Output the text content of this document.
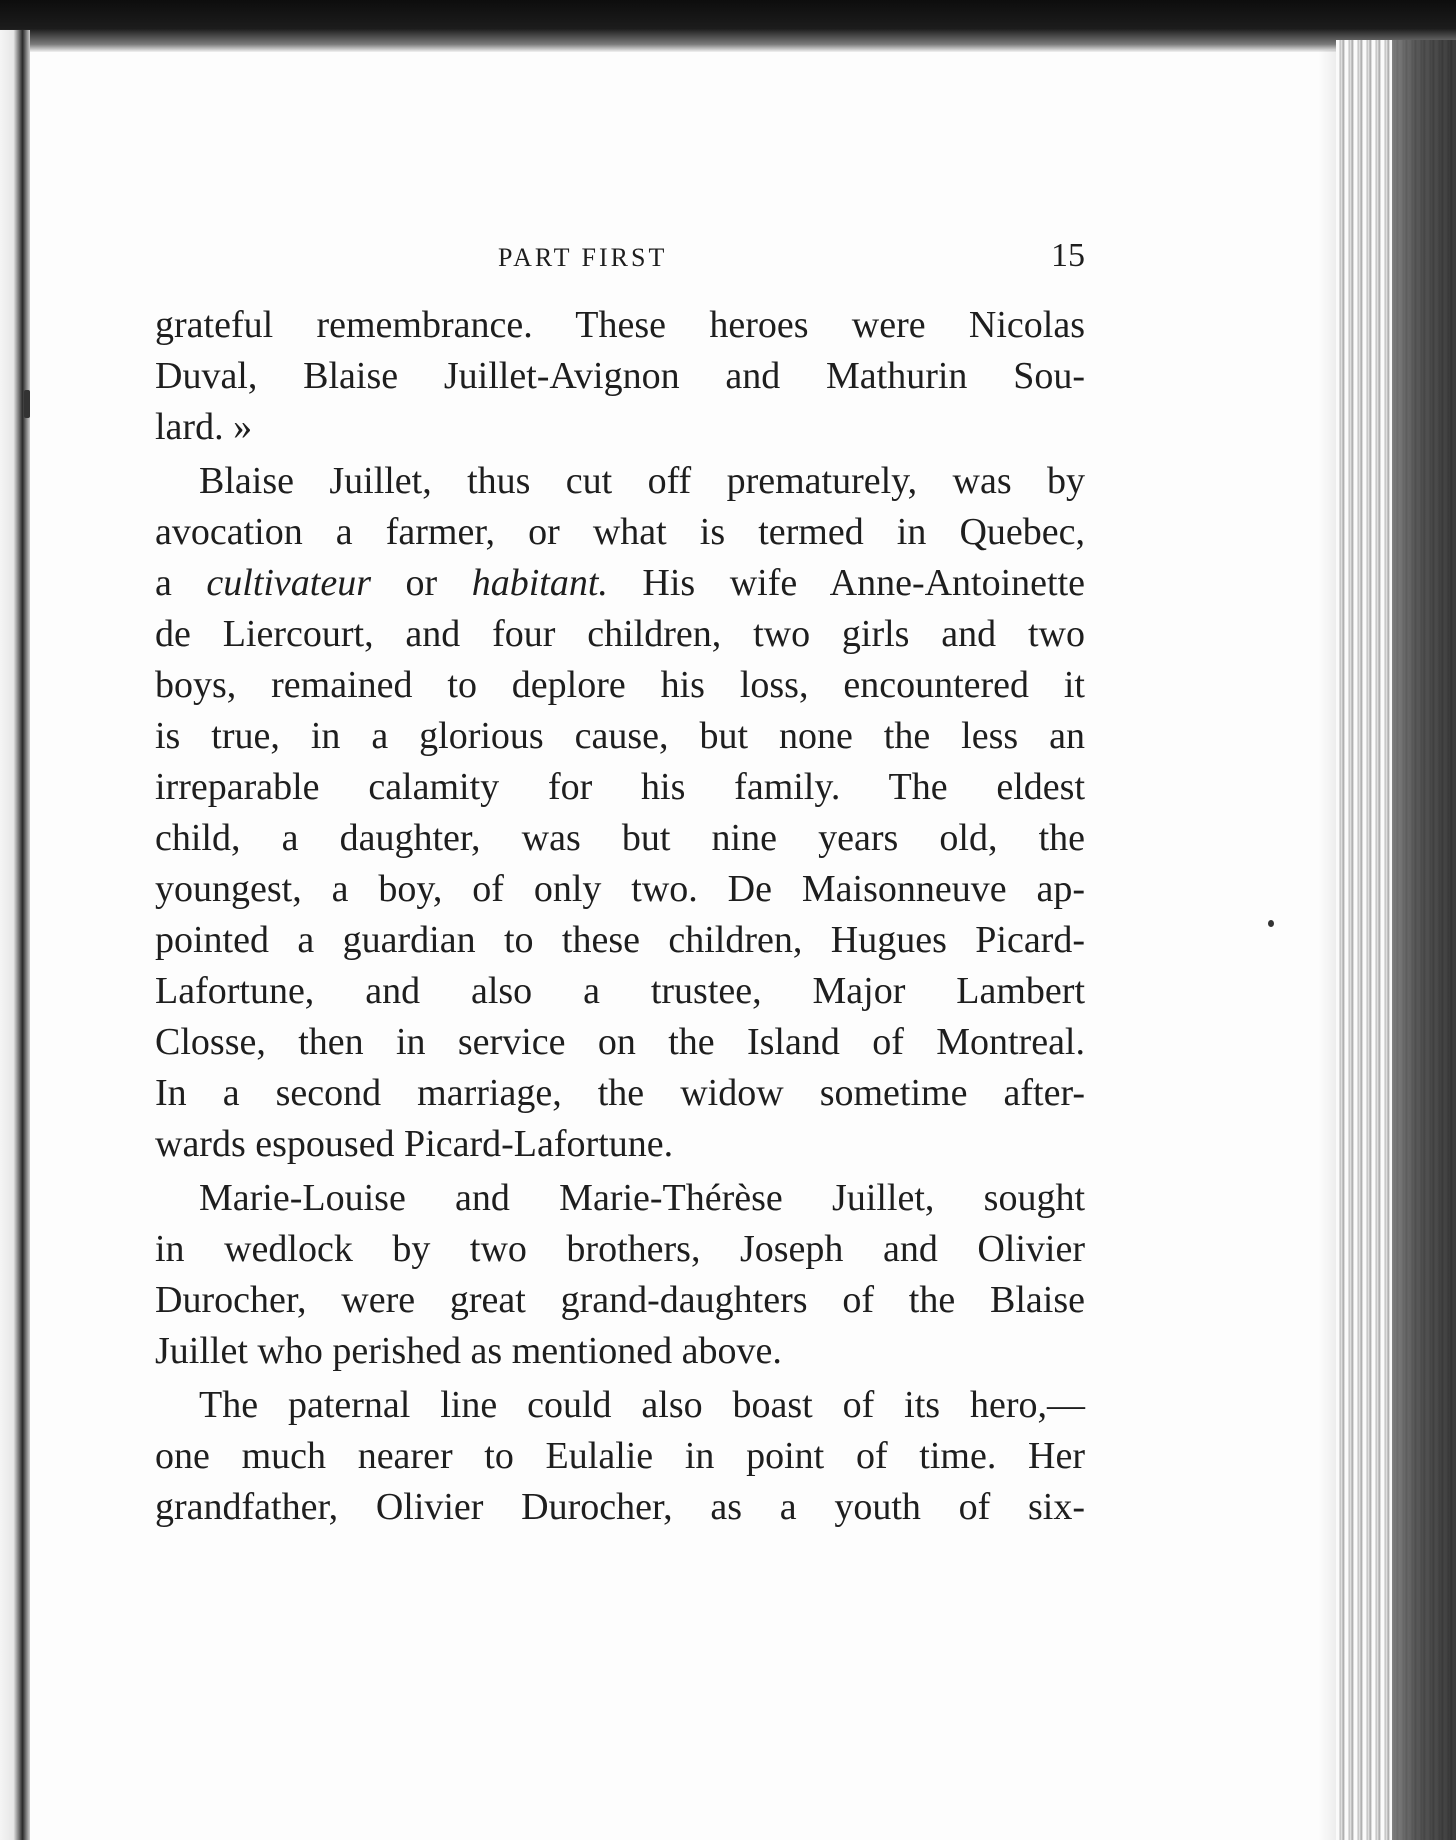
PART FIRST	15
grateful remembrance. These heroes were Nicolas
Duval, Blaise Juillet-Avignon and Mathurin Sou-
lard. »
Blaise Juillet, thus cut off prematurely, was by
avocation a farmer, or what is termed in Quebec,
a cultivateur or habitant. His wife Anne-Antoinette
de Liercourt, and four children, two girls and two
boys, remained to deplore his loss, encountered it
is true, in a glorious cause, but none the less an
irreparable calamity for his family. The eldest
child, a daughter, was but nine years old, the
youngest, a boy, of only two. De Maisonneuve ap-
pointed a guardian to these children, Hugues Picard-
Lafortune, and also a trustee, Major Lambert
Closse, then in service on the Island of Montreal.
In a second marriage, the widow sometime after-
wards espoused Picard-Lafortune.
Marie-Louise and Marie-Thérèse Juillet, sought
in wedlock by two brothers, Joseph and Olivier
Durocher, were great grand-daughters of the Blaise
Juillet who perished as mentioned above.
The paternal line could also boast of its hero,—
one much nearer to Eulalie in point of time. Her
grandfather, Olivier Durocher, as a youth of six-
